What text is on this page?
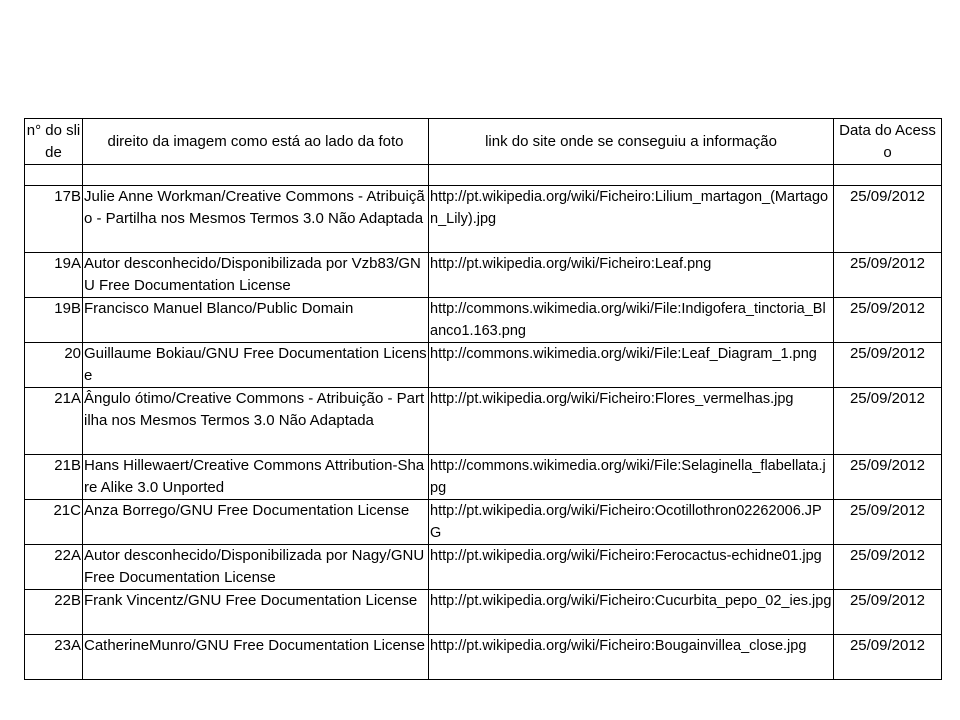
n° do slide	direito da imagem como está ao lado da foto	link do site onde se conseguiu a informação	Data do Acesso

17B	Julie Anne Workman/Creative Commons - Atribuição - Partilha nos Mesmos Termos 3.0 Não Adaptada	http://pt.wikipedia.org/wiki/Ficheiro:Lilium_martagon_(Martagon_Lily).jpg	25/09/2012
19A	Autor desconhecido/Disponibilizada por Vzb83/GNU Free Documentation License	http://pt.wikipedia.org/wiki/Ficheiro:Leaf.png	25/09/2012
19B	Francisco Manuel Blanco/Public Domain	http://commons.wikimedia.org/wiki/File:Indigofera_tinctoria_Blanco1.163.png	25/09/2012
20	Guillaume Bokiau/GNU Free Documentation License	http://commons.wikimedia.org/wiki/File:Leaf_Diagram_1.png	25/09/2012
21A	Ângulo ótimo/Creative Commons - Atribuição - Partilha nos Mesmos Termos 3.0 Não Adaptada	http://pt.wikipedia.org/wiki/Ficheiro:Flores_vermelhas.jpg	25/09/2012
21B	Hans Hillewaert/Creative Commons Attribution-Share Alike 3.0 Unported	http://commons.wikimedia.org/wiki/File:Selaginella_flabellata.jpg	25/09/2012
21C	Anza Borrego/GNU Free Documentation License	http://pt.wikipedia.org/wiki/Ficheiro:Ocotillothron02262006.JPG	25/09/2012
22A	Autor desconhecido/Disponibilizada por Nagy/GNU Free Documentation License	http://pt.wikipedia.org/wiki/Ficheiro:Ferocactus-echidne01.jpg	25/09/2012
22B	Frank Vincentz/GNU Free Documentation License	http://pt.wikipedia.org/wiki/Ficheiro:Cucurbita_pepo_02_ies.jpg	25/09/2012
23A	CatherineMunro/GNU Free Documentation License	http://pt.wikipedia.org/wiki/Ficheiro:Bougainvillea_close.jpg	25/09/2012
